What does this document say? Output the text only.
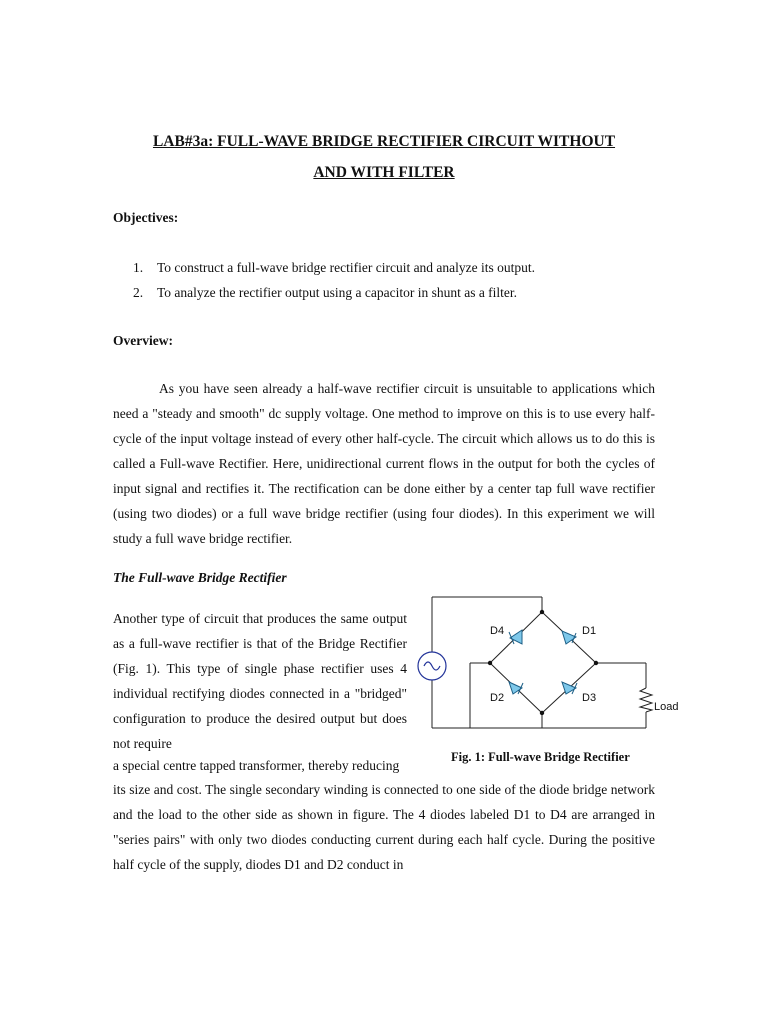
LAB#3a: FULL-WAVE BRIDGE RECTIFIER CIRCUIT WITHOUT
AND WITH FILTER
Objectives:
1.	To construct a full-wave bridge rectifier circuit and analyze its output.
2.	To analyze the rectifier output using a capacitor in shunt as a filter.
Overview:

As you have seen already a half-wave rectifier circuit is unsuitable to applications which need a "steady and smooth" dc supply voltage. One method to improve on this is to use every half-cycle of the input voltage instead of every other half-cycle. The circuit which allows us to do this is called a Full-wave Rectifier. Here, unidirectional current flows in the output for both the cycles of input signal and rectifies it. The rectification can be done either by a center tap full wave rectifier (using two diodes) or a full wave bridge rectifier (using four diodes). In this experiment we will study a full wave bridge rectifier.

The Full-wave Bridge Rectifier

Another type of circuit that produces the same output as a full-wave rectifier is that of the Bridge Rectifier (Fig. 1). This type of single phase rectifier uses 4 individual rectifying diodes connected in a "bridged" configuration to produce the desired output but does not require

a special centre tapped transformer, thereby reducing

its size and cost. The single secondary winding is connected to one side of the diode bridge network and the load to the other side as shown in figure. The 4 diodes labeled D1 to D4 are arranged in "series pairs" with only two diodes conducting current during each half cycle. During the positive half cycle of the supply, diodes D1 and D2 conduct in

D4	D1
D2	D3
Load
Fig. 1: Full-wave Bridge Rectifier
